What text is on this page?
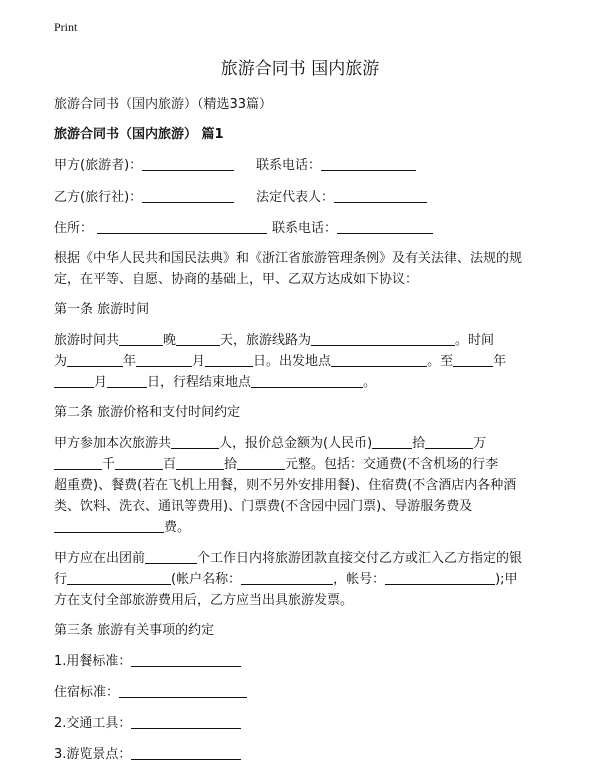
Print
旅游合同书 国内旅游
旅游合同书（国内旅游）（精选33篇）
旅游合同书（国内旅游） 篇1
甲方(旅游者)：	联系电话：
乙方(旅行社)：	法定代表人：
住所：	联系电话：
根据《中华人民共和国民法典》和《浙江省旅游管理条例》及有关法律、法规的规
定，在平等、自愿、协商的基础上，甲、乙双方达成如下协议：
第一条 旅游时间
旅游时间共	晚	天，旅游线路为	。时间
为	年	月	日。出发地点	。至	年
月	日，行程结束地点	。
第二条 旅游价格和支付时间约定
甲方参加本次旅游共	人，报价总金额为(人民币)	拾	万
千	百	拾	元整。包括：交通费(不含机场的行李
超重费)、餐费(若在飞机上用餐，则不另外安排用餐)、住宿费(不含酒店内各种酒
类、饮料、洗衣、通讯等费用)、门票费(不含园中园门票)、导游服务费及
费。
甲方应在出团前	个工作日内将旅游团款直接交付乙方或汇入乙方指定的银
行	(帐户名称：	，帐号：	);甲
方在支付全部旅游费用后，乙方应当出具旅游发票。
第三条 旅游有关事项的约定
1.用餐标准：
住宿标准：
2.交通工具：
3.游览景点：
